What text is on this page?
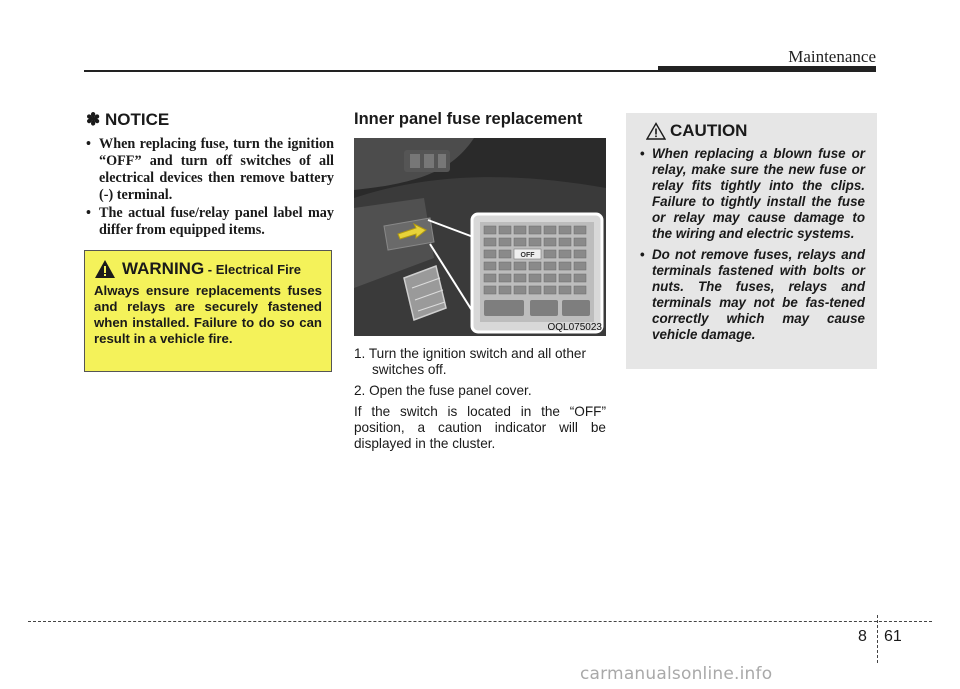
Maintenance
✽ NOTICE
• When replacing fuse, turn the ignition “OFF” and turn off switches of all electrical devices then remove battery (-) terminal.
• The actual fuse/relay panel label may differ from equipped items.
WARNING - Electrical Fire

Always ensure replacements fuses and relays are securely fastened when installed. Failure to do so can result in a vehicle fire.

Inner panel fuse replacement
OFF
OQL075023

1. Turn the ignition switch and all other switches off.

2. Open the fuse panel cover.

If the switch is located in the “OFF” position, a caution indicator will be displayed in the cluster.

CAUTION
• When replacing a blown fuse or relay, make sure the new fuse or relay fits tightly into the clips. Failure to tightly install the fuse or relay may cause damage to the wiring and electric systems.
• Do not remove fuses, relays and terminals fastened with bolts or nuts. The fuses, relays and terminals may not be fas-tened correctly which may cause vehicle damage.
8 61
carmanualsonline.info
